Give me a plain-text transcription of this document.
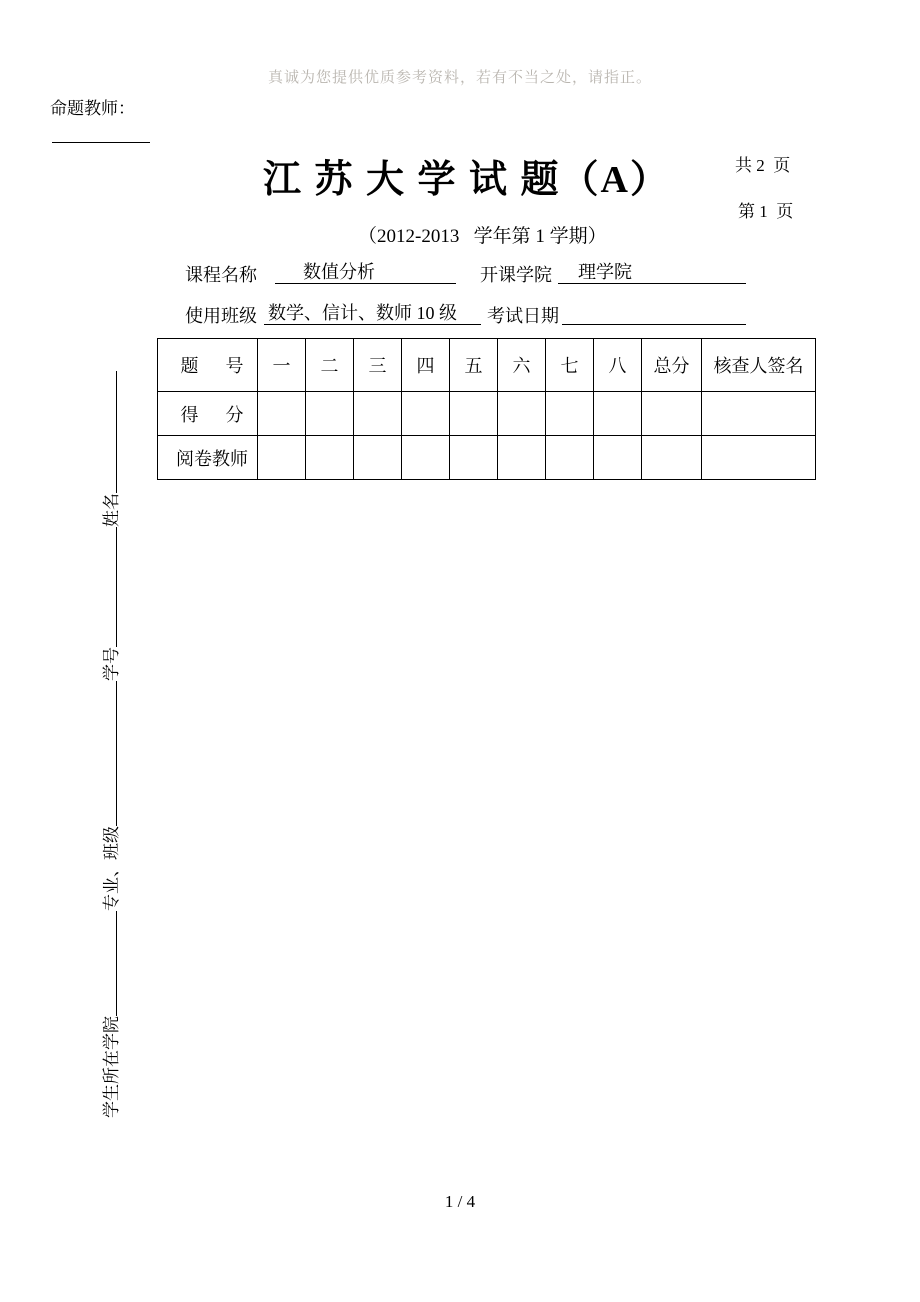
真诚为您提供优质参考资料，若有不当之处，请指正。
命题教师：
江 苏 大 学 试 题（A）	共 2  页
第 1  页
（2012-2013   学年第 1 学期）
课程名称	数值分析	开课学院	理学院
使用班级 数学、信计、数师 10 级	考试日期
题      号	一	二	三	四	五	六	七	八	总分	核查人签名
得      分										
阅卷教师										
学生所在学院专业、班级学号姓名
1 / 4
